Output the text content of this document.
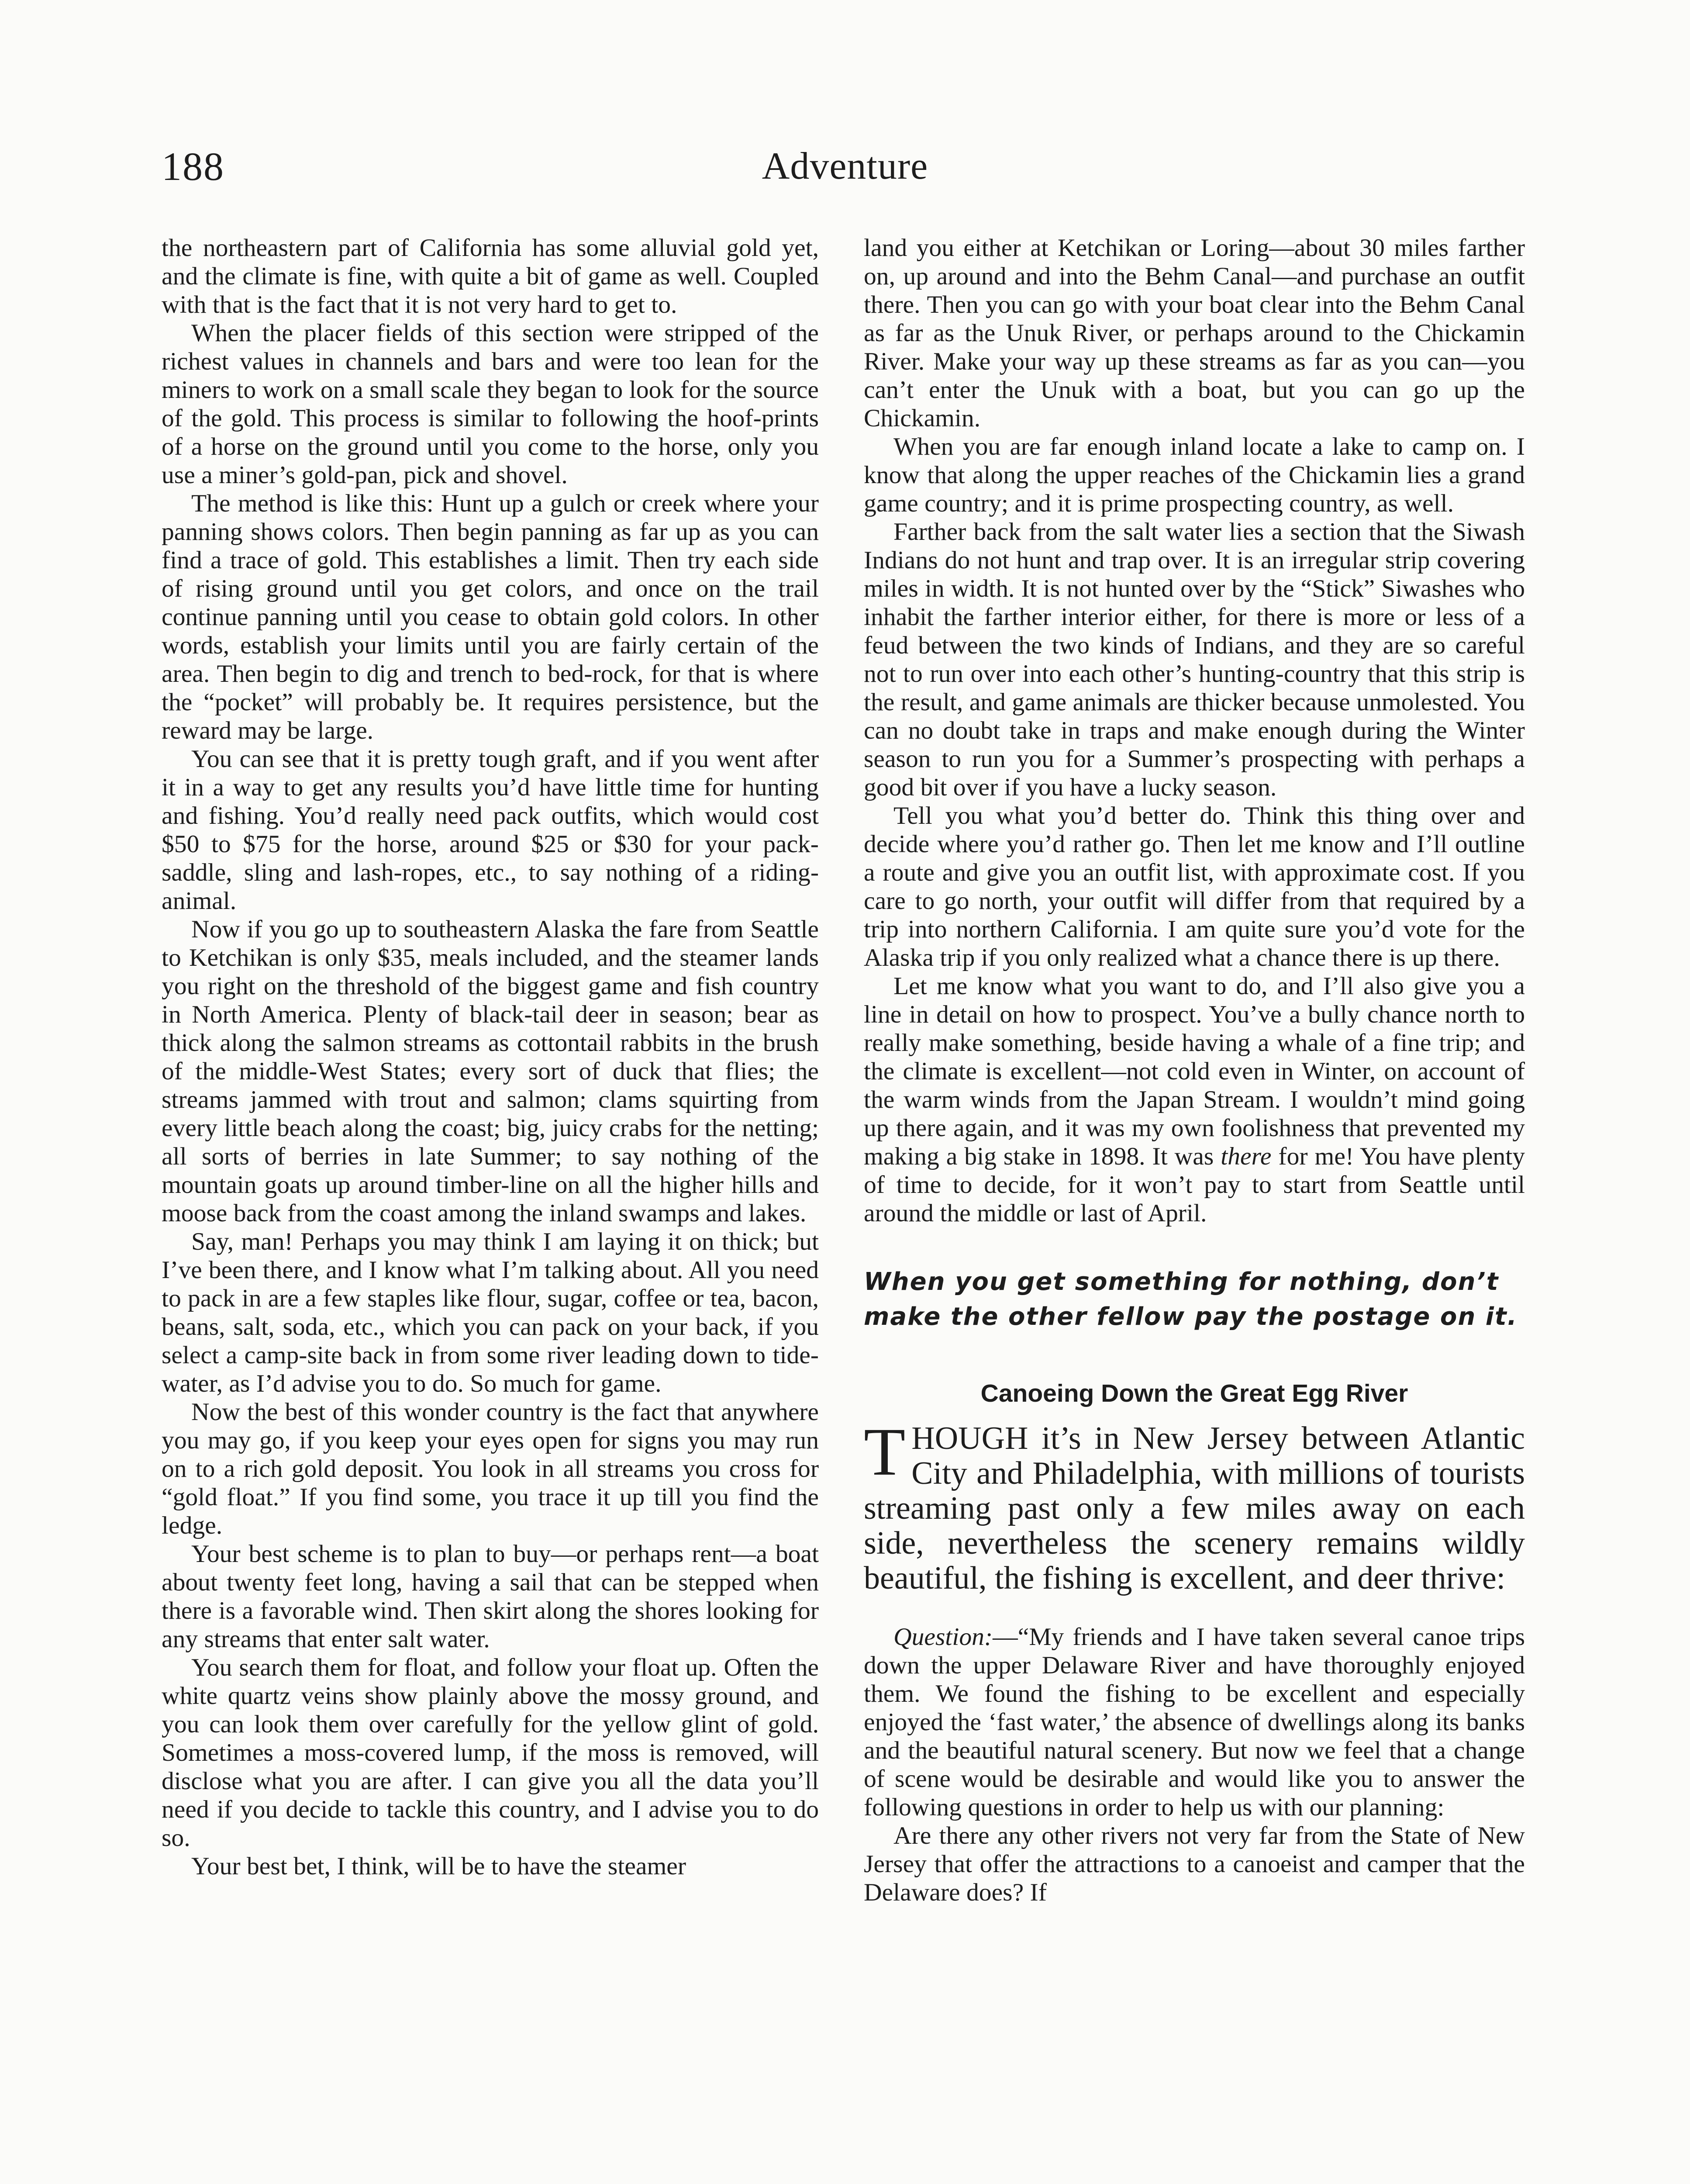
188	Adventure

the northeastern part of California has some alluvial gold yet, and the climate is fine, with quite a bit of game as well. Coupled with that is the fact that it is not very hard to get to.

When the placer fields of this section were stripped of the richest values in channels and bars and were too lean for the miners to work on a small scale they began to look for the source of the gold. This process is similar to following the hoof-prints of a horse on the ground until you come to the horse, only you use a miner’s gold-pan, pick and shovel.

The method is like this: Hunt up a gulch or creek where your panning shows colors. Then begin panning as far up as you can find a trace of gold. This establishes a limit. Then try each side of rising ground until you get colors, and once on the trail continue panning until you cease to obtain gold colors. In other words, establish your limits until you are fairly certain of the area. Then begin to dig and trench to bed-rock, for that is where the “pocket” will probably be. It requires persistence, but the reward may be large.

You can see that it is pretty tough graft, and if you went after it in a way to get any results you’d have little time for hunting and fishing. You’d really need pack outfits, which would cost $50 to $75 for the horse, around $25 or $30 for your pack-saddle, sling and lash-ropes, etc., to say nothing of a riding-animal.

Now if you go up to southeastern Alaska the fare from Seattle to Ketchikan is only $35, meals included, and the steamer lands you right on the threshold of the biggest game and fish country in North America. Plenty of black-tail deer in season; bear as thick along the salmon streams as cottontail rabbits in the brush of the middle-West States; every sort of duck that flies; the streams jammed with trout and salmon; clams squirting from every little beach along the coast; big, juicy crabs for the netting; all sorts of berries in late Summer; to say nothing of the mountain goats up around timber-line on all the higher hills and moose back from the coast among the inland swamps and lakes.

Say, man! Perhaps you may think I am laying it on thick; but I’ve been there, and I know what I’m talking about. All you need to pack in are a few staples like flour, sugar, coffee or tea, bacon, beans, salt, soda, etc., which you can pack on your back, if you select a camp-site back in from some river leading down to tide-water, as I’d advise you to do. So much for game.

Now the best of this wonder country is the fact that anywhere you may go, if you keep your eyes open for signs you may run on to a rich gold deposit. You look in all streams you cross for “gold float.” If you find some, you trace it up till you find the ledge.

Your best scheme is to plan to buy—or perhaps rent—a boat about twenty feet long, having a sail that can be stepped when there is a favorable wind. Then skirt along the shores looking for any streams that enter salt water.

You search them for float, and follow your float up. Often the white quartz veins show plainly above the mossy ground, and you can look them over carefully for the yellow glint of gold. Sometimes a moss-covered lump, if the moss is removed, will disclose what you are after. I can give you all the data you’ll need if you decide to tackle this country, and I advise you to do so.

Your best bet, I think, will be to have the steamer

land you either at Ketchikan or Loring—about 30 miles farther on, up around and into the Behm Canal—and purchase an outfit there. Then you can go with your boat clear into the Behm Canal as far as the Unuk River, or perhaps around to the Chickamin River. Make your way up these streams as far as you can—you can’t enter the Unuk with a boat, but you can go up the Chickamin.

When you are far enough inland locate a lake to camp on. I know that along the upper reaches of the Chickamin lies a grand game country; and it is prime prospecting country, as well.

Farther back from the salt water lies a section that the Siwash Indians do not hunt and trap over. It is an irregular strip covering miles in width. It is not hunted over by the “Stick” Siwashes who inhabit the farther interior either, for there is more or less of a feud between the two kinds of Indians, and they are so careful not to run over into each other’s hunting-country that this strip is the result, and game animals are thicker because unmolested. You can no doubt take in traps and make enough during the Winter season to run you for a Summer’s prospecting with perhaps a good bit over if you have a lucky season.

Tell you what you’d better do. Think this thing over and decide where you’d rather go. Then let me know and I’ll outline a route and give you an outfit list, with approximate cost. If you care to go north, your outfit will differ from that required by a trip into northern California. I am quite sure you’d vote for the Alaska trip if you only realized what a chance there is up there.

Let me know what you want to do, and I’ll also give you a line in detail on how to prospect. You’ve a bully chance north to really make something, beside having a whale of a fine trip; and the climate is excellent—not cold even in Winter, on account of the warm winds from the Japan Stream. I wouldn’t mind going up there again, and it was my own foolishness that prevented my making a big stake in 1898. It was there for me! You have plenty of time to decide, for it won’t pay to start from Seattle until around the middle or last of April.

When you get something for nothing, don’t make the other fellow pay the postage on it.
Canoeing Down the Great Egg River
THOUGH it’s in New Jersey between Atlantic City and Philadelphia, with millions of tourists streaming past only a few miles away on each side, nevertheless the scenery remains wildly beautiful, the fishing is excellent, and deer thrive:

Question:—“My friends and I have taken several canoe trips down the upper Delaware River and have thoroughly enjoyed them. We found the fishing to be excellent and especially enjoyed the ‘fast water,’ the absence of dwellings along its banks and the beautiful natural scenery. But now we feel that a change of scene would be desirable and would like you to answer the following questions in order to help us with our planning:

Are there any other rivers not very far from the State of New Jersey that offer the attractions to a canoeist and camper that the Delaware does? If
